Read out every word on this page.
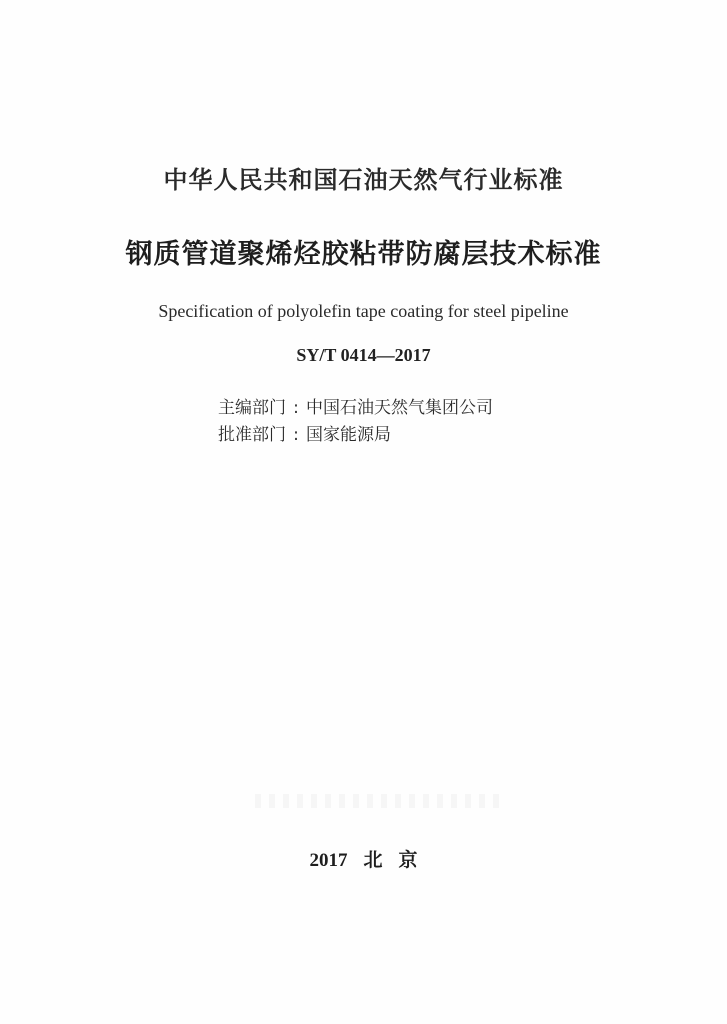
中华人民共和国石油天然气行业标准
钢质管道聚烯烃胶粘带防腐层技术标准
Specification of polyolefin tape coating for steel pipeline
SY/T 0414—2017
主编部门 : 中国石油天然气集团公司
批准部门 : 国家能源局
2017 北 京
